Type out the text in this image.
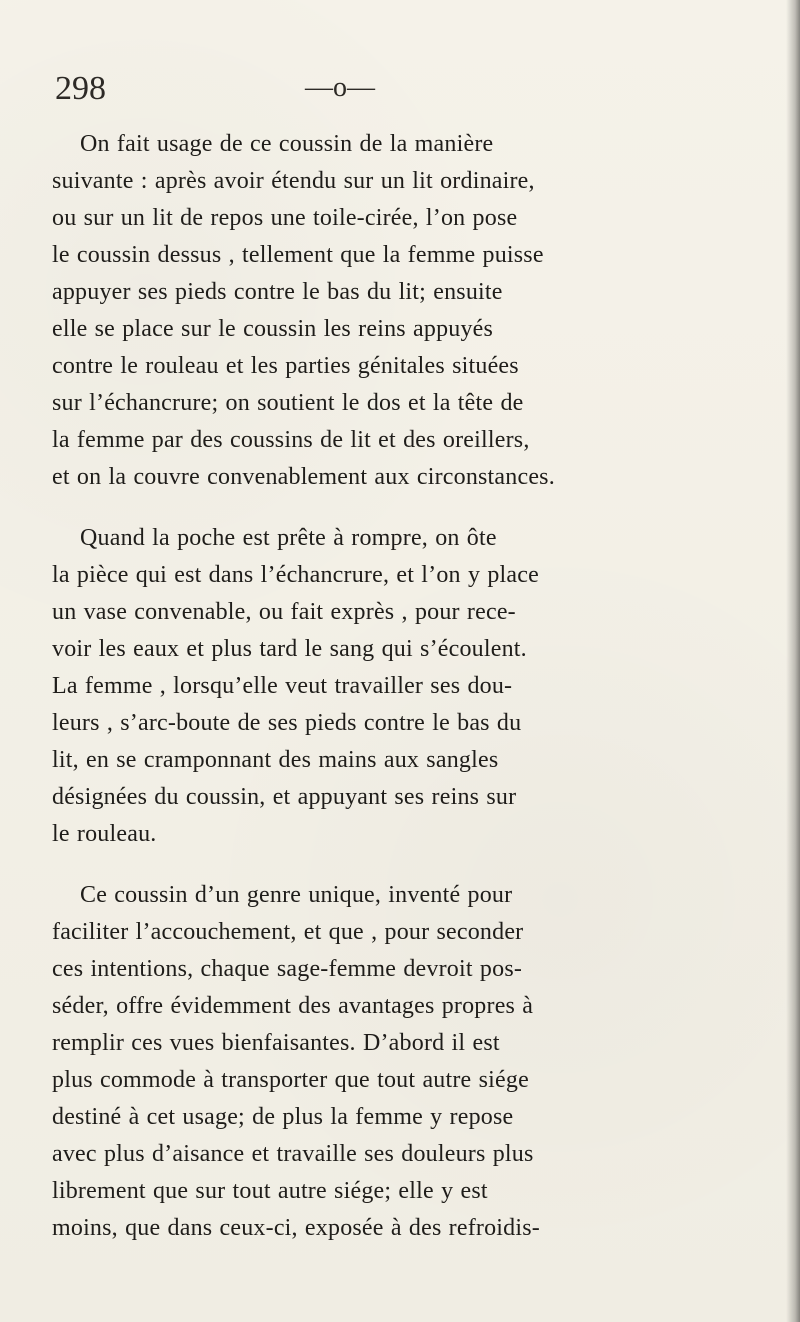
298	—o—

On fait usage de ce coussin de la manière
suivante : après avoir étendu sur un lit ordinaire,
ou sur un lit de repos une toile-cirée, l’on pose
le coussin dessus , tellement que la femme puisse
appuyer ses pieds contre le bas du lit; ensuite
elle se place sur le coussin les reins appuyés
contre le rouleau et les parties génitales situées
sur l’échancrure; on soutient le dos et la tête de
la femme par des coussins de lit et des oreillers,
et on la couvre convenablement aux circonstances.

Quand la poche est prête à rompre, on ôte
la pièce qui est dans l’échancrure, et l’on y place
un vase convenable, ou fait exprès , pour rece-
voir les eaux et plus tard le sang qui s’écoulent.
La femme , lorsqu’elle veut travailler ses dou-
leurs , s’arc-boute de ses pieds contre le bas du
lit, en se cramponnant des mains aux sangles
désignées du coussin, et appuyant ses reins sur
le rouleau.

Ce coussin d’un genre unique, inventé pour
faciliter l’accouchement, et que , pour seconder
ces intentions, chaque sage-femme devroit pos-
séder, offre évidemment des avantages propres à
remplir ces vues bienfaisantes. D’abord il est
plus commode à transporter que tout autre siége
destiné à cet usage; de plus la femme y repose
avec plus d’aisance et travaille ses douleurs plus
librement que sur tout autre siége; elle y est
moins, que dans ceux-ci, exposée à des refroidis-
